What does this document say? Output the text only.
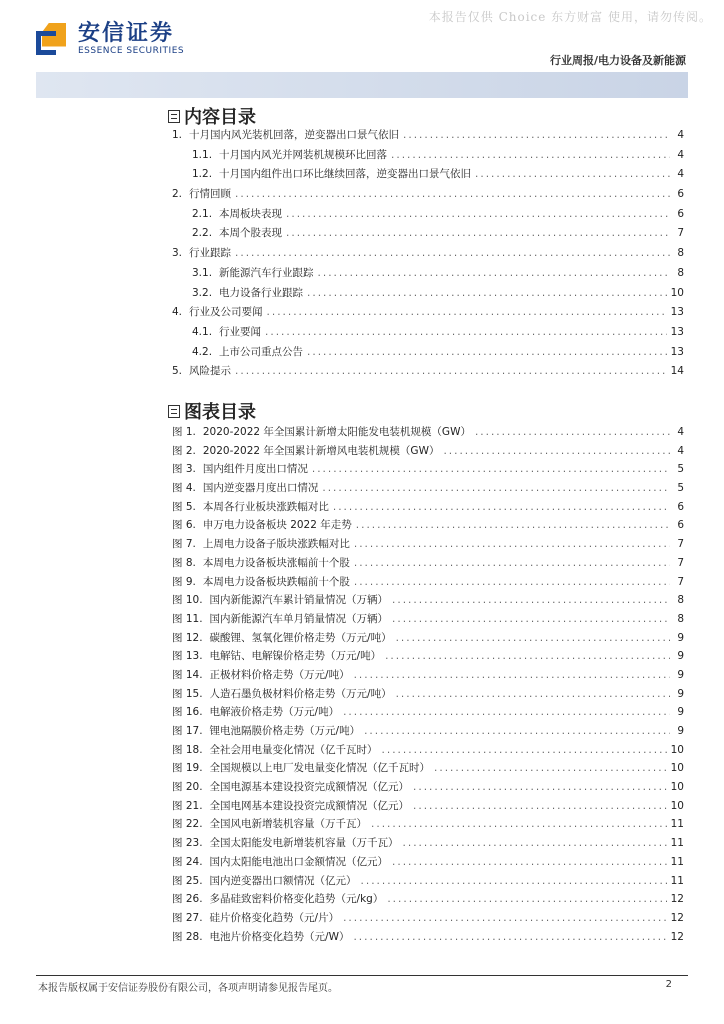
本报告仅供 Choice 东方财富 使用，请勿传阅。
安信证券
ESSENCE SECURITIES
行业周报/电力设备及新能源
内容目录
1. 十月国内风光装机回落，逆变器出口景气依旧 .....	4
1.1. 十月国内风光并网装机规模环比回落 .....	4
1.2. 十月国内组件出口环比继续回落，逆变器出口景气依旧 .....	4
2. 行情回顾 .....	6
2.1. 本周板块表现 .....	6
2.2. 本周个股表现 .....	7
3. 行业跟踪 .....	8
3.1. 新能源汽车行业跟踪 .....	8
3.2. 电力设备行业跟踪 .....	10
4. 行业及公司要闻 .....	13
4.1. 行业要闻 .....	13
4.2. 上市公司重点公告 .....	13
5. 风险提示 .....	14
图表目录
图 1. 2020-2022 年全国累计新增太阳能发电装机规模（GW） .....	4
图 2. 2020-2022 年全国累计新增风电装机规模（GW） .....	4
图 3. 国内组件月度出口情况 .....	5
图 4. 国内逆变器月度出口情况 .....	5
图 5. 本周各行业板块涨跌幅对比 .....	6
图 6. 申万电力设备板块 2022 年走势 .....	6
图 7. 上周电力设备子版块涨跌幅对比 .....	7
图 8. 本周电力设备板块涨幅前十个股 .....	7
图 9. 本周电力设备板块跌幅前十个股 .....	7
图 10. 国内新能源汽车累计销量情况（万辆） .....	8
图 11. 国内新能源汽车单月销量情况（万辆） .....	8
图 12. 碳酸锂、氢氧化锂价格走势（万元/吨） .....	9
图 13. 电解钴、电解镍价格走势（万元/吨） .....	9
图 14. 正极材料价格走势（万元/吨） .....	9
图 15. 人造石墨负极材料价格走势（万元/吨） .....	9
图 16. 电解液价格走势（万元/吨） .....	9
图 17. 锂电池隔膜价格走势（万元/吨） .....	9
图 18. 全社会用电量变化情况（亿千瓦时） .....	10
图 19. 全国规模以上电厂发电量变化情况（亿千瓦时） .....	10
图 20. 全国电源基本建设投资完成额情况（亿元） .....	10
图 21. 全国电网基本建设投资完成额情况（亿元） .....	10
图 22. 全国风电新增装机容量（万千瓦） .....	11
图 23. 全国太阳能发电新增装机容量（万千瓦） .....	11
图 24. 国内太阳能电池出口金额情况（亿元） .....	11
图 25. 国内逆变器出口额情况（亿元） .....	11
图 26. 多晶硅致密料价格变化趋势（元/kg） .....	12
图 27. 硅片价格变化趋势（元/片） .....	12
图 28. 电池片价格变化趋势（元/W） .....	12
本报告版权属于安信证券股份有限公司，各项声明请参见报告尾页。	2
